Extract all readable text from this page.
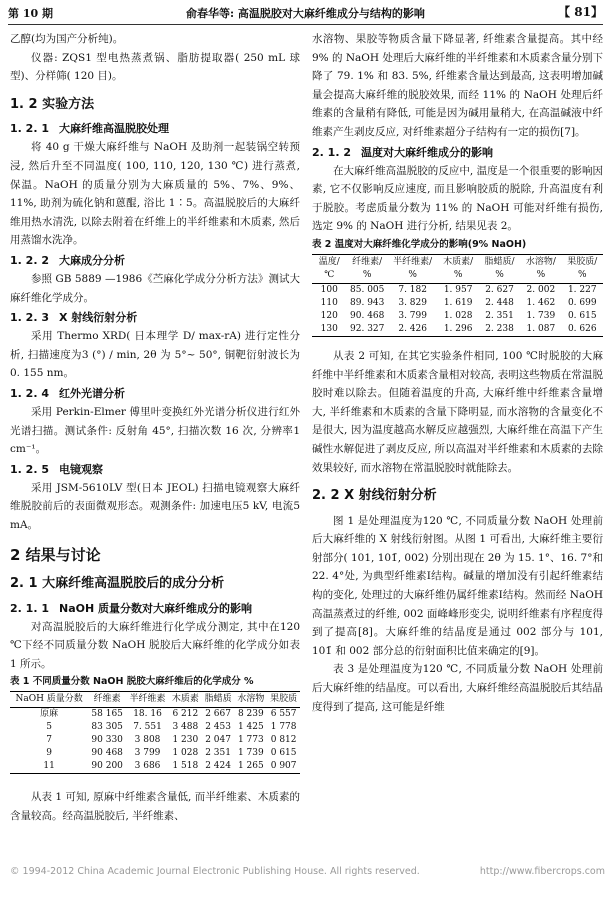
第 10 期	俞春华等: 高温脱胶对大麻纤维成分与结构的影响	【 81】

乙醇(均为国产分析纯)。

仪器: ZQS1 型电热蒸煮锅、脂肪提取器( 250 mL 球型)、分样筛( 120 目)。

1. 2 实验方法
1. 2. 1 大麻纤维高温脱胶处理

将 40 g 干燥大麻纤维与 NaOH 及助剂一起装锅空转预浸, 然后升至不同温度( 100, 110, 120, 130 ℃) 进行蒸煮, 保温。NaOH 的质量分别为大麻质量的 5%、7%、9%、11%, 助剂为硫化钠和蒽醌, 浴比 1∶5。高温脱胶后的大麻纤维用热水清洗, 以除去附着在纤维上的半纤维素和木质素, 然后用蒸馏水洗净。

1. 2. 2 大麻成分分析

参照 GB 5889 —1986《苎麻化学成分分析方法》测试大麻纤维化学成分。

1. 2. 3 X 射线衍射分析

采用 Thermo XRD( 日本理学 D/ max-rA) 进行定性分析, 扫描速度为3 (°) / min, 2θ 为 5°~ 50°, 铜靶衍射波长为0. 155 nm。

1. 2. 4 红外光谱分析

采用 Perkin-Elmer 傅里叶变换红外光谱分析仪进行红外光谱扫描。测试条件: 反射角 45°, 扫描次数 16 次, 分辨率1 cm⁻¹。

1. 2. 5 电镜观察

采用 JSM-5610LV 型(日本 JEOL) 扫描电镜观察大麻纤维脱胶前后的表面微观形态。观测条件: 加速电压5 kV, 电流5 mA。

2 结果与讨论
2. 1 大麻纤维高温脱胶后的成分分析
2. 1. 1 NaOH 质量分数对大麻纤维成分的影响

对高温脱胶后的大麻纤维进行化学成分测定, 其中在120 ℃下经不同质量分数 NaOH 脱胶后大麻纤维的化学成分如表 1 所示。

表 1 不同质量分数 NaOH 脱胶大麻纤维后的化学成分 %
NaOH 质量分数	纤维素	半纤维素	木质素	脂蜡质	水溶物	果胶质
原麻	58 165	18. 16	6 212	2 667	8 239	6 557
5	83 305	7. 551	3 488	2 453	1 425	1 778
7	90 330	3 808	1 230	2 047	1 773	0 812
9	90 468	3 799	1 028	2 351	1 739	0 615
11	90 200	3 686	1 518	2 424	1 265	0 907

从表 1 可知, 原麻中纤维素含量低, 而半纤维素、木质素的含量较高。经高温脱胶后, 半纤维素、

水溶物、果胶等物质含量下降显著, 纤维素含量提高。其中经 9% 的 NaOH 处理后大麻纤维的半纤维素和木质素含量分别下降了 79. 1% 和 83. 5%, 纤维素含量达到最高, 这表明增加碱量会提高大麻纤维的脱胶效果, 而经 11% 的 NaOH 处理后纤维素的含量稍有降低, 可能是因为碱用量稍大, 在高温碱液中纤维素产生剥皮反应, 对纤维素超分子结构有一定的损伤[7]。

2. 1. 2 温度对大麻纤维成分的影响

在大麻纤维高温脱胶的反应中, 温度是一个很重要的影响因素, 它不仅影响反应速度, 而且影响胶质的脱除, 升高温度有利于脱胶。考虑质量分数为 11% 的 NaOH 可能对纤维有损伤, 选定 9% 的 NaOH 进行分析, 结果见表 2。

表 2 温度对大麻纤维化学成分的影响(9% NaOH)
温度/ ℃	纤维素/ %	半纤维素/ %	木质素/ %	脂蜡质/ %	水溶物/ %	果胶质/ %
100	85. 005	7. 182	1. 957	2. 627	2. 002	1. 227
110	89. 943	3. 829	1. 619	2. 448	1. 462	0. 699
120	90. 468	3. 799	1. 028	2. 351	1. 739	0. 615
130	92. 327	2. 426	1. 296	2. 238	1. 087	0. 626

从表 2 可知, 在其它实验条件相同, 100 ℃时脱胶的大麻纤维中半纤维素和木质素含量相对较高, 表明这些物质在常温脱胶时难以除去。但随着温度的升高, 大麻纤维中纤维素含量增大, 半纤维素和木质素的含量下降明显, 而水溶物的含量变化不是很大, 因为温度越高水解反应越强烈, 大麻纤维在高温下产生碱性水解促进了剥皮反应, 所以高温对半纤维素和木质素的去除效果较好, 而水溶物在常温脱胶时就能除去。

2. 2 X 射线衍射分析

图 1 是处理温度为120 ℃, 不同质量分数 NaOH 处理前后大麻纤维的 X 射线衍射图。从图 1 可看出, 大麻纤维主要衍射部分( 101, 101̄, 002) 分别出现在 2θ 为 15. 1°、16. 7°和 22. 4°处, 为典型纤维素Ⅰ结构。碱量的增加没有引起纤维素结构的变化, 处理过的大麻纤维仍属纤维素Ⅰ结构。然而经 NaOH 高温蒸煮过的纤维, 002 面峰峰形变尖, 说明纤维素有序程度得到了提高[8]。大麻纤维的结晶度是通过 002 部分与 101, 101̄ 和 002 部分总的衍射面积比值来确定的[9]。

表 3 是处理温度为120 ℃, 不同质量分数 NaOH 处理前后大麻纤维的结晶度。可以看出, 大麻纤维经高温脱胶后其结晶度得到了提高, 这可能是纤维

© 1994-2012 China Academic Journal Electronic Publishing House. All rights reserved.	http://www.fibercrops.com
